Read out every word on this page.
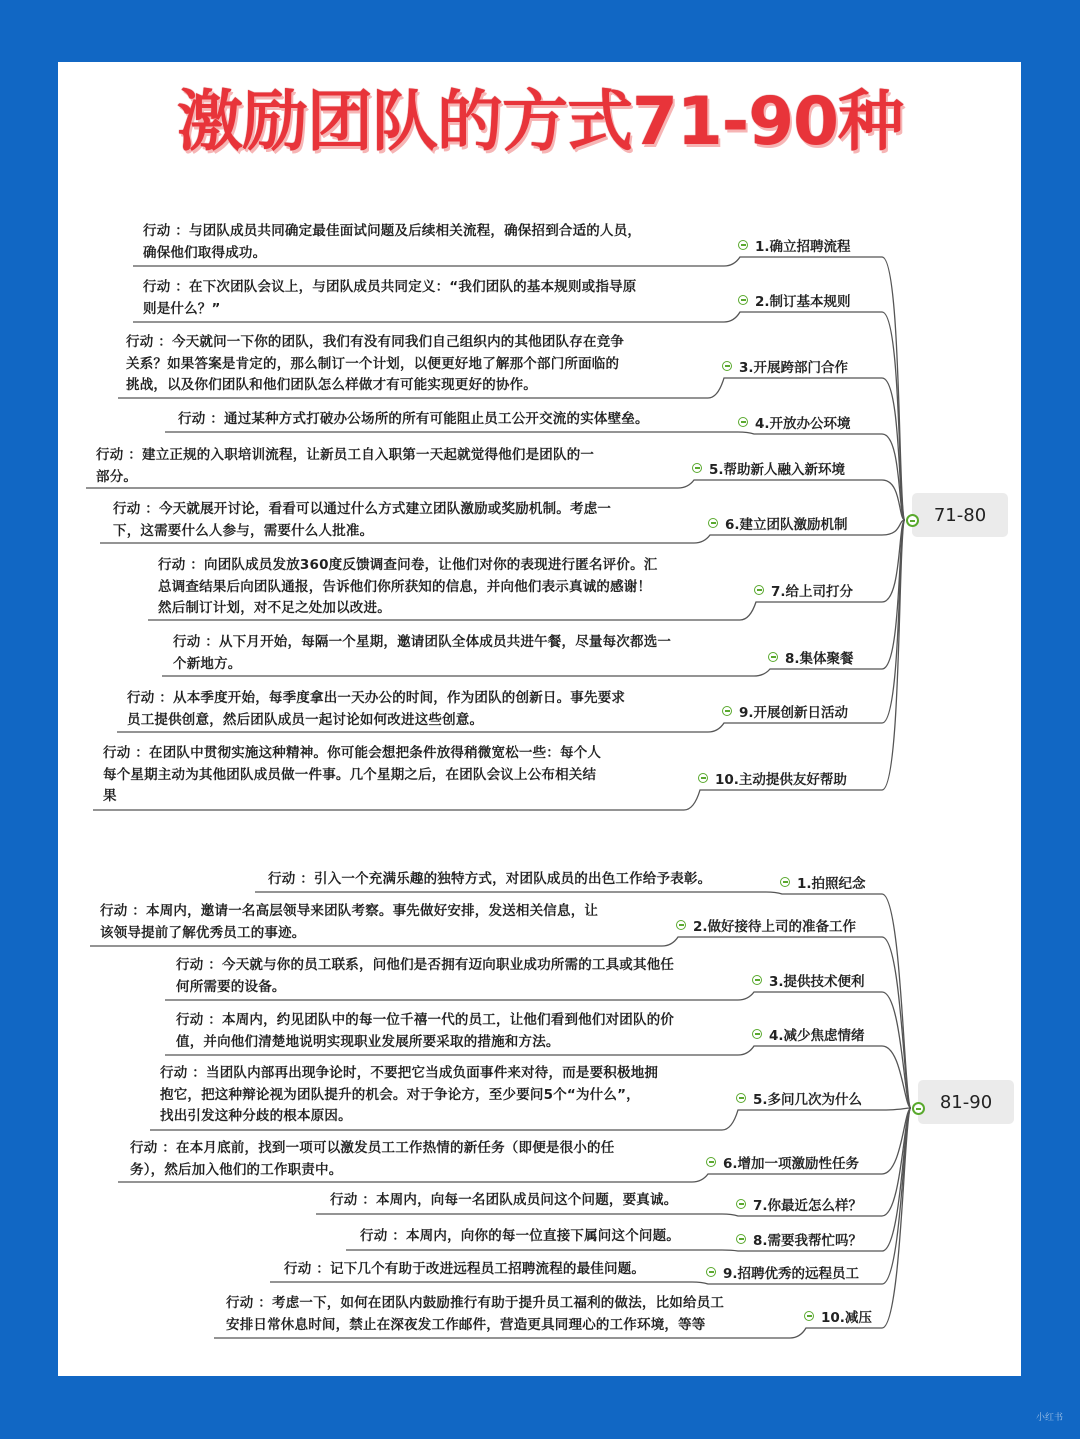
激励团队的方式71-90种
1.确立招聘流程
行动 ：与团队成员共同确定最佳面试问题及后续相关流程，确保招到合适的人员，
确保他们取得成功。
2.制订基本规则
行动 ：在下次团队会议上，与团队成员共同定义：“我们团队的基本规则或指导原
则是什么？”
3.开展跨部门合作
行动 ：今天就问一下你的团队，我们有没有同我们自己组织内的其他团队存在竞争
关系？如果答案是肯定的，那么制订一个计划，以便更好地了解那个部门所面临的
挑战，以及你们团队和他们团队怎么样做才有可能实现更好的协作。
4.开放办公环境
行动 ：通过某种方式打破办公场所的所有可能阻止员工公开交流的实体壁垒。
5.帮助新人融入新环境
行动 ：建立正规的入职培训流程，让新员工自入职第一天起就觉得他们是团队的一
部分。
6.建立团队激励机制
行动 ：今天就展开讨论，看看可以通过什么方式建立团队激励或奖励机制。考虑一
下，这需要什么人参与，需要什么人批准。
7.给上司打分
行动 ：向团队成员发放360度反馈调查问卷，让他们对你的表现进行匿名评价。汇
总调查结果后向团队通报，告诉他们你所获知的信息，并向他们表示真诚的感谢！
然后制订计划，对不足之处加以改进。
8.集体聚餐
行动 ：从下月开始，每隔一个星期，邀请团队全体成员共进午餐，尽量每次都选一
个新地方。
9.开展创新日活动
行动 ：从本季度开始，每季度拿出一天办公的时间，作为团队的创新日。事先要求
员工提供创意，然后团队成员一起讨论如何改进这些创意。
10.主动提供友好帮助
行动 ：在团队中贯彻实施这种精神。你可能会想把条件放得稍微宽松一些：每个人
每个星期主动为其他团队成员做一件事。几个星期之后，在团队会议上公布相关结
果
71-80
1.拍照纪念
行动 ：引入一个充满乐趣的独特方式，对团队成员的出色工作给予表彰。
2.做好接待上司的准备工作
行动 ：本周内，邀请一名高层领导来团队考察。事先做好安排，发送相关信息，让
该领导提前了解优秀员工的事迹。
3.提供技术便利
行动 ：今天就与你的员工联系，问他们是否拥有迈向职业成功所需的工具或其他任
何所需要的设备。
4.减少焦虑情绪
行动 ：本周内，约见团队中的每一位千禧一代的员工，让他们看到他们对团队的价
值，并向他们清楚地说明实现职业发展所要采取的措施和方法。
5.多问几次为什么
行动 ：当团队内部再出现争论时，不要把它当成负面事件来对待，而是要积极地拥
抱它，把这种辩论视为团队提升的机会。对于争论方，至少要问5个“为什么”，
找出引发这种分歧的根本原因。
6.增加一项激励性任务
行动 ：在本月底前，找到一项可以激发员工工作热情的新任务（即便是很小的任
务），然后加入他们的工作职责中。
7.你最近怎么样？
行动 ：本周内，向每一名团队成员问这个问题，要真诚。
8.需要我帮忙吗？
行动 ：本周内，向你的每一位直接下属问这个问题。
9.招聘优秀的远程员工
行动 ：记下几个有助于改进远程员工招聘流程的最佳问题。
10.减压
行动 ：考虑一下，如何在团队内鼓励推行有助于提升员工福利的做法，比如给员工
安排日常休息时间，禁止在深夜发工作邮件，营造更具同理心的工作环境，等等
81-90
小红书
